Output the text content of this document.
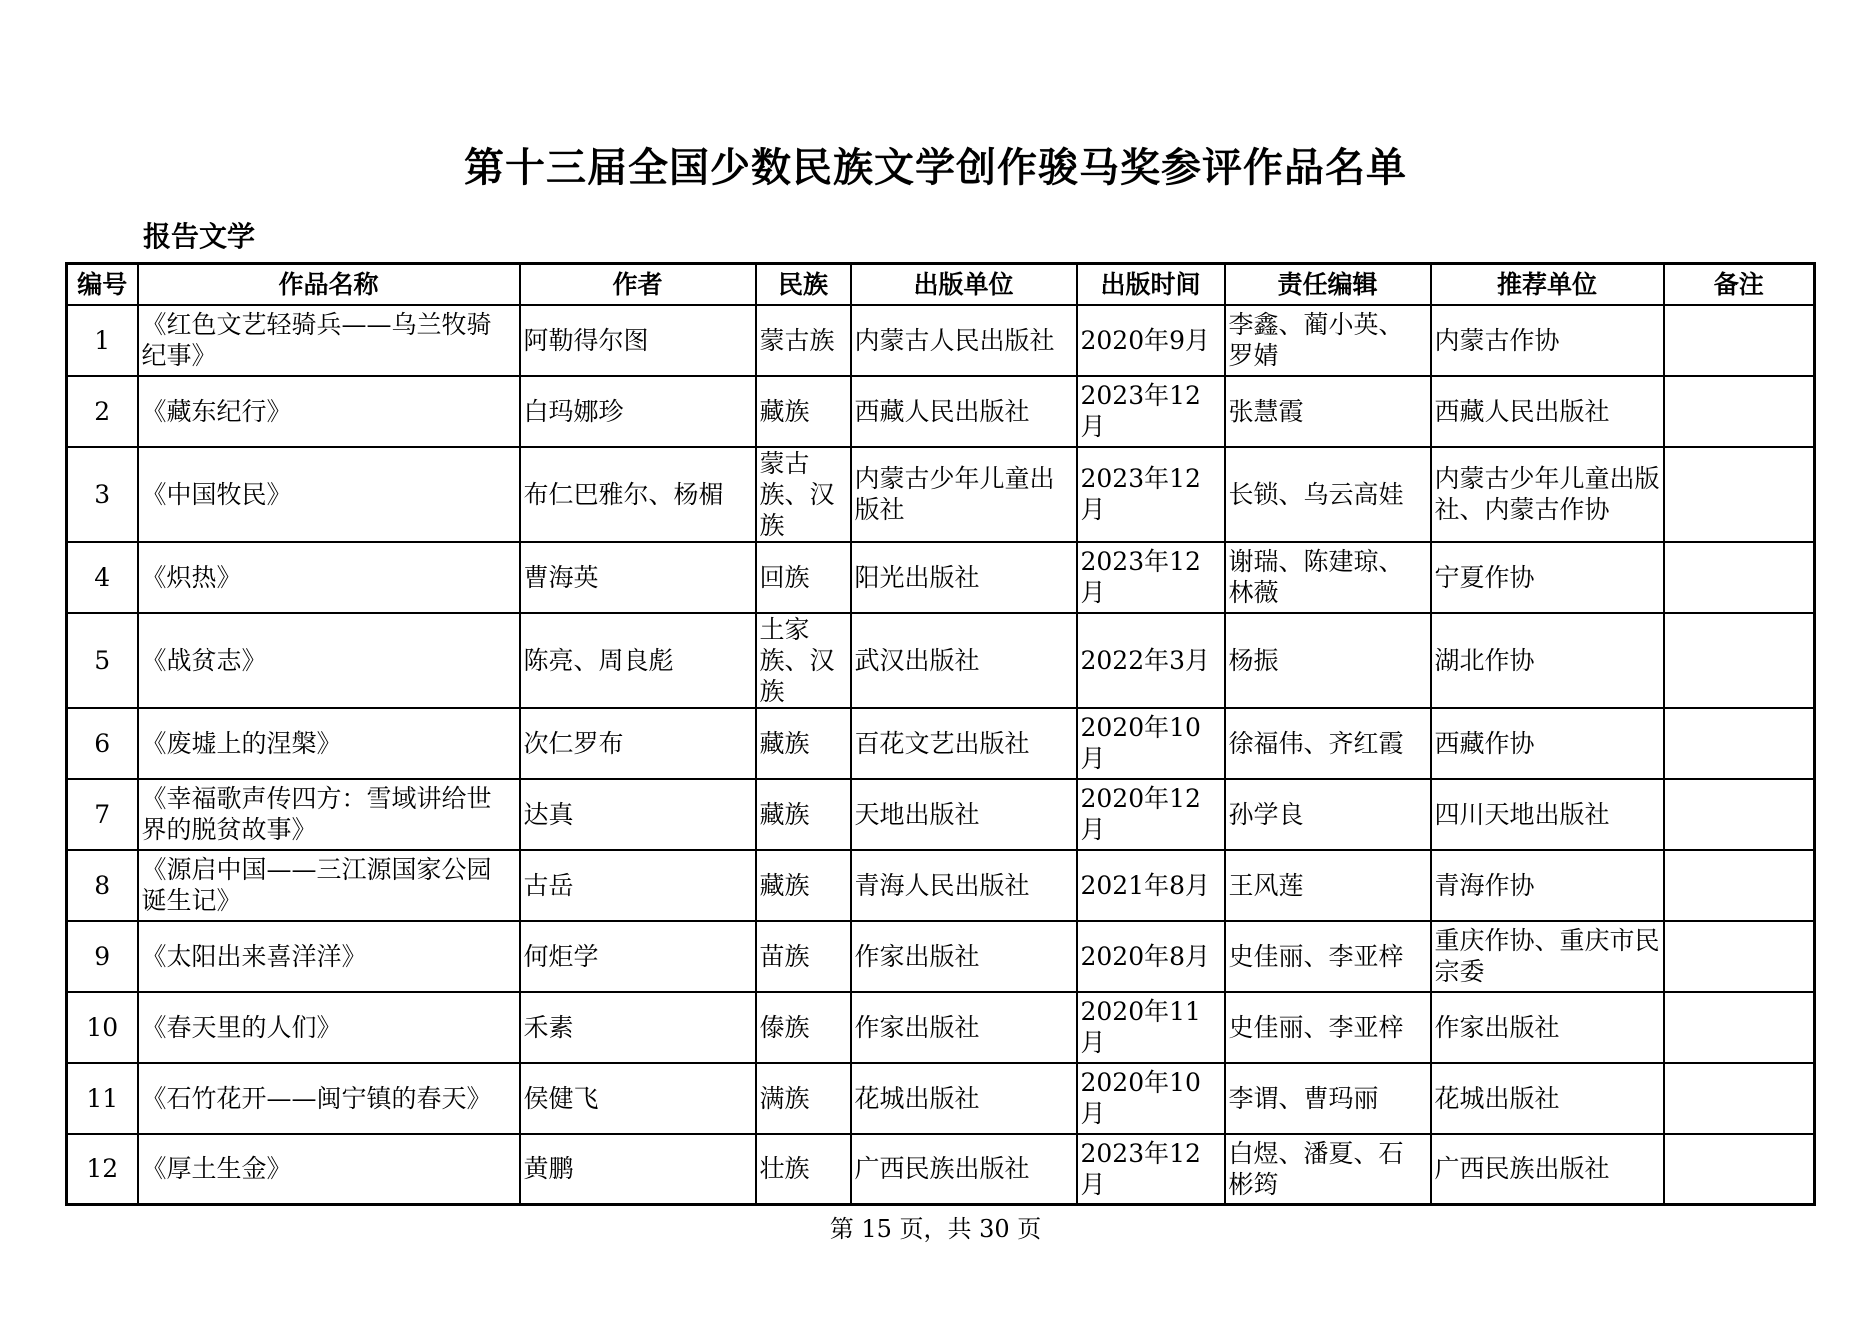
第十三届全国少数民族文学创作骏马奖参评作品名单
报告文学
编号	作品名称	作者	民族	出版单位	出版时间	责任编辑	推荐单位	备注
1	《红色文艺轻骑兵——乌兰牧骑纪事》	阿勒得尔图	蒙古族	内蒙古人民出版社	2020年9月	李鑫、蔺小英、罗婧	内蒙古作协	
2	《藏东纪行》	白玛娜珍	藏族	西藏人民出版社	2023年12月	张慧霞	西藏人民出版社	
3	《中国牧民》	布仁巴雅尔、杨楣	蒙古族、汉族	内蒙古少年儿童出版社	2023年12月	长锁、乌云高娃	内蒙古少年儿童出版社、内蒙古作协	
4	《炽热》	曹海英	回族	阳光出版社	2023年12月	谢瑞、陈建琼、林薇	宁夏作协	
5	《战贫志》	陈亮、周良彪	土家族、汉族	武汉出版社	2022年3月	杨振	湖北作协	
6	《废墟上的涅槃》	次仁罗布	藏族	百花文艺出版社	2020年10月	徐福伟、齐红霞	西藏作协	
7	《幸福歌声传四方：雪域讲给世界的脱贫故事》	达真	藏族	天地出版社	2020年12月	孙学良	四川天地出版社	
8	《源启中国——三江源国家公园诞生记》	古岳	藏族	青海人民出版社	2021年8月	王风莲	青海作协	
9	《太阳出来喜洋洋》	何炬学	苗族	作家出版社	2020年8月	史佳丽、李亚梓	重庆作协、重庆市民宗委	
10	《春天里的人们》	禾素	傣族	作家出版社	2020年11月	史佳丽、李亚梓	作家出版社	
11	《石竹花开——闽宁镇的春天》	侯健飞	满族	花城出版社	2020年10月	李谓、曹玛丽	花城出版社	
12	《厚土生金》	黄鹏	壮族	广西民族出版社	2023年12月	白煜、潘夏、石彬筠	广西民族出版社	
第 15 页，共 30 页
